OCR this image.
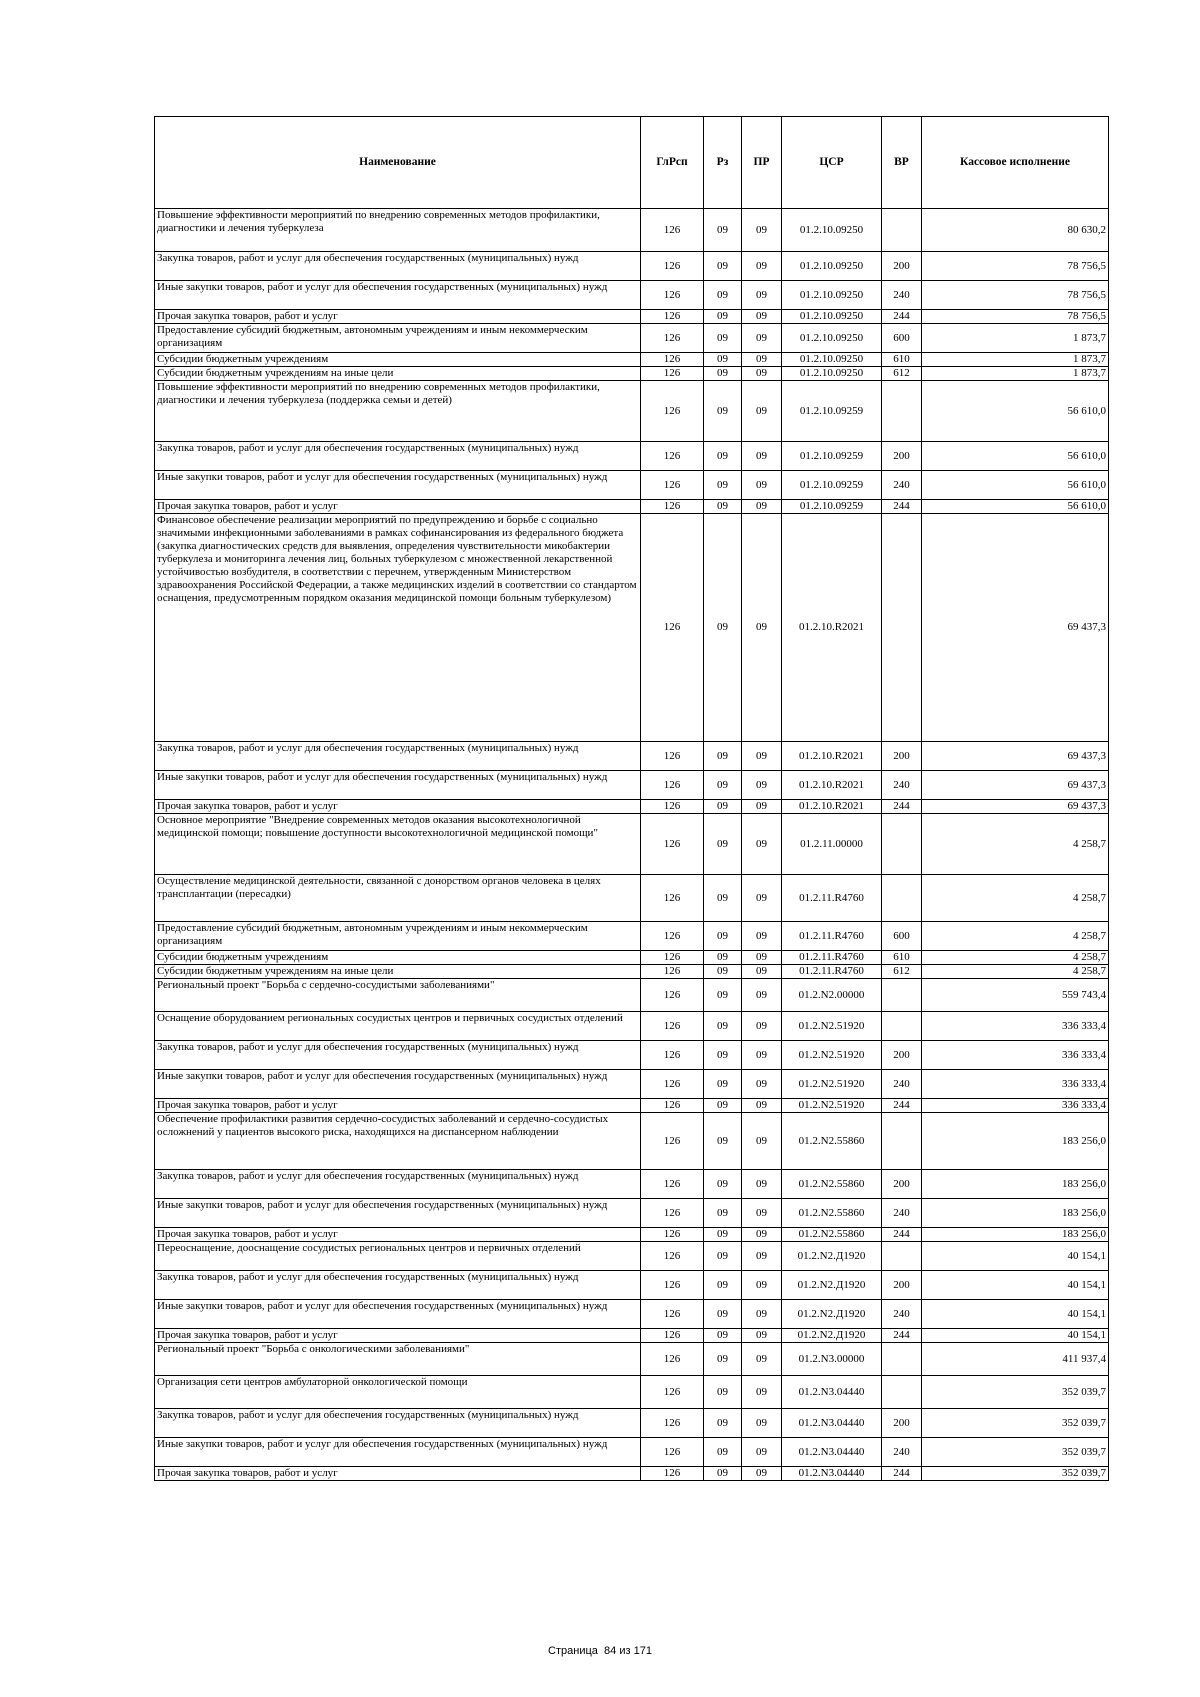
Наименование	ГлРсп	Рз	ПР	ЦСР	ВР	Кассовое исполнение
Повышение эффективности мероприятий по внедрению современных методов профилактики, диагностики и лечения туберкулеза	126	09	09	01.2.10.09250		80 630,2
Закупка товаров, работ и услуг для обеспечения государственных (муниципальных) нужд	126	09	09	01.2.10.09250	200	78 756,5
Иные закупки товаров, работ и услуг для обеспечения государственных (муниципальных) нужд	126	09	09	01.2.10.09250	240	78 756,5
Прочая закупка товаров, работ и услуг	126	09	09	01.2.10.09250	244	78 756,5
Предоставление субсидий бюджетным, автономным учреждениям и иным некоммерческим организациям	126	09	09	01.2.10.09250	600	1 873,7
Субсидии бюджетным учреждениям	126	09	09	01.2.10.09250	610	1 873,7
Субсидии бюджетным учреждениям на иные цели	126	09	09	01.2.10.09250	612	1 873,7
Повышение эффективности мероприятий по внедрению современных методов профилактики, диагностики и лечения туберкулеза (поддержка семьи и детей)	126	09	09	01.2.10.09259		56 610,0
Закупка товаров, работ и услуг для обеспечения государственных (муниципальных) нужд	126	09	09	01.2.10.09259	200	56 610,0
Иные закупки товаров, работ и услуг для обеспечения государственных (муниципальных) нужд	126	09	09	01.2.10.09259	240	56 610,0
Прочая закупка товаров, работ и услуг	126	09	09	01.2.10.09259	244	56 610,0
Финансовое обеспечение реализации мероприятий по предупреждению и борьбе с социально значимыми инфекционными заболеваниями в рамках софинансирования из федерального бюджета (закупка диагностических средств для выявления, определения чувствительности микобактерии туберкулеза и мониторинга лечения лиц, больных туберкулезом с множественной лекарственной устойчивостью возбудителя, в соответствии с перечнем, утвержденным Министерством здравоохранения Российской Федерации, а также медицинских изделий в соответствии со стандартом оснащения, предусмотренным порядком оказания медицинской помощи больным туберкулезом)	126	09	09	01.2.10.R2021		69 437,3
Закупка товаров, работ и услуг для обеспечения государственных (муниципальных) нужд	126	09	09	01.2.10.R2021	200	69 437,3
Иные закупки товаров, работ и услуг для обеспечения государственных (муниципальных) нужд	126	09	09	01.2.10.R2021	240	69 437,3
Прочая закупка товаров, работ и услуг	126	09	09	01.2.10.R2021	244	69 437,3
Основное мероприятие "Внедрение современных методов оказания высокотехнологичной медицинской помощи; повышение доступности высокотехнологичной медицинской помощи"	126	09	09	01.2.11.00000		4 258,7
Осуществление медицинской деятельности, связанной с донорством органов человека в целях трансплантации (пересадки)	126	09	09	01.2.11.R4760		4 258,7
Предоставление субсидий бюджетным, автономным учреждениям и иным некоммерческим организациям	126	09	09	01.2.11.R4760	600	4 258,7
Субсидии бюджетным учреждениям	126	09	09	01.2.11.R4760	610	4 258,7
Субсидии бюджетным учреждениям на иные цели	126	09	09	01.2.11.R4760	612	4 258,7
Региональный проект "Борьба с сердечно-сосудистыми заболеваниями"	126	09	09	01.2.N2.00000		559 743,4
Оснащение оборудованием региональных сосудистых центров и первичных сосудистых отделений	126	09	09	01.2.N2.51920		336 333,4
Закупка товаров, работ и услуг для обеспечения государственных (муниципальных) нужд	126	09	09	01.2.N2.51920	200	336 333,4
Иные закупки товаров, работ и услуг для обеспечения государственных (муниципальных) нужд	126	09	09	01.2.N2.51920	240	336 333,4
Прочая закупка товаров, работ и услуг	126	09	09	01.2.N2.51920	244	336 333,4
Обеспечение профилактики развития сердечно-сосудистых заболеваний и сердечно-сосудистых осложнений у пациентов высокого риска, находящихся на диспансерном наблюдении	126	09	09	01.2.N2.55860		183 256,0
Закупка товаров, работ и услуг для обеспечения государственных (муниципальных) нужд	126	09	09	01.2.N2.55860	200	183 256,0
Иные закупки товаров, работ и услуг для обеспечения государственных (муниципальных) нужд	126	09	09	01.2.N2.55860	240	183 256,0
Прочая закупка товаров, работ и услуг	126	09	09	01.2.N2.55860	244	183 256,0
Переоснащение, дооснащение сосудистых региональных центров и первичных отделений	126	09	09	01.2.N2.Д1920		40 154,1
Закупка товаров, работ и услуг для обеспечения государственных (муниципальных) нужд	126	09	09	01.2.N2.Д1920	200	40 154,1
Иные закупки товаров, работ и услуг для обеспечения государственных (муниципальных) нужд	126	09	09	01.2.N2.Д1920	240	40 154,1
Прочая закупка товаров, работ и услуг	126	09	09	01.2.N2.Д1920	244	40 154,1
Региональный проект "Борьба с онкологическими заболеваниями"	126	09	09	01.2.N3.00000		411 937,4
Организация сети центров амбулаторной онкологической помощи	126	09	09	01.2.N3.04440		352 039,7
Закупка товаров, работ и услуг для обеспечения государственных (муниципальных) нужд	126	09	09	01.2.N3.04440	200	352 039,7
Иные закупки товаров, работ и услуг для обеспечения государственных (муниципальных) нужд	126	09	09	01.2.N3.04440	240	352 039,7
Прочая закупка товаров, работ и услуг	126	09	09	01.2.N3.04440	244	352 039,7
Страница 84 из 171
